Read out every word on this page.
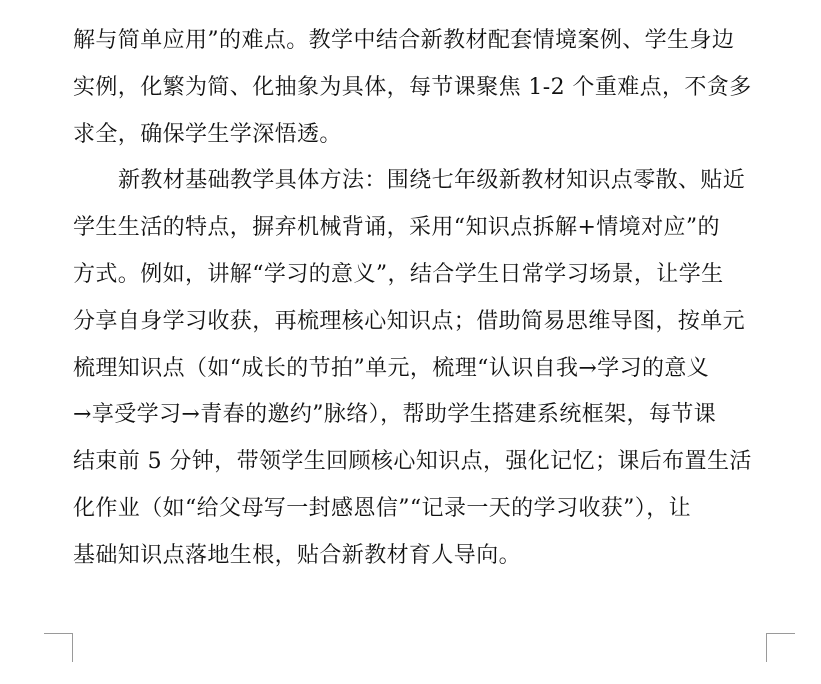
解与简单应用”的难点。教学中结合新教材配套情境案例、学生身边
实例，化繁为简、化抽象为具体，每节课聚焦 1-2 个重难点，不贪多
求全，确保学生学深悟透。
新教材基础教学具体方法：围绕七年级新教材知识点零散、贴近
学生生活的特点，摒弃机械背诵，采用“知识点拆解+情境对应”的
方式。例如，讲解“学习的意义”，结合学生日常学习场景，让学生
分享自身学习收获，再梳理核心知识点；借助简易思维导图，按单元
梳理知识点（如“成长的节拍”单元，梳理“认识自我→学习的意义
→享受学习→青春的邀约”脉络），帮助学生搭建系统框架，每节课
结束前 5 分钟，带领学生回顾核心知识点，强化记忆；课后布置生活
化作业（如“给父母写一封感恩信”“记录一天的学习收获”），让
基础知识点落地生根，贴合新教材育人导向。
